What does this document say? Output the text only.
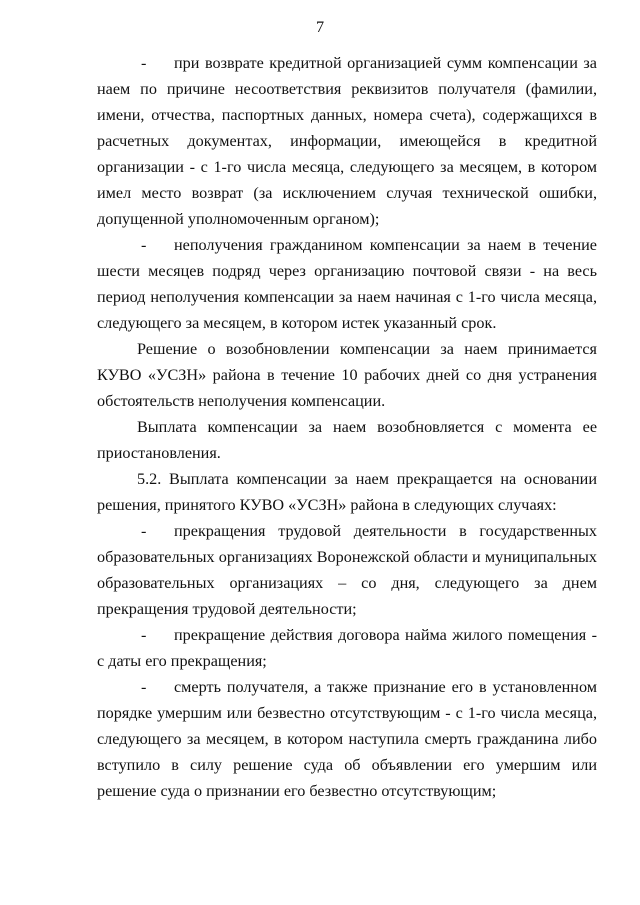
7

- при возврате кредитной организацией сумм компенсации за наем по причине несоответствия реквизитов получателя (фамилии, имени, отчества, паспортных данных, номера счета), содержащихся в расчетных документах, информации, имеющейся в кредитной организации - с 1-го числа месяца, следующего за месяцем, в котором имел место возврат (за исключением случая технической ошибки, допущенной уполномоченным органом);

- неполучения гражданином компенсации за наем в течение шести месяцев подряд через организацию почтовой связи - на весь период неполучения компенсации за наем начиная с 1-го числа месяца, следующего за месяцем, в котором истек указанный срок.

Решение о возобновлении компенсации за наем принимается КУВО «УСЗН» района в течение 10 рабочих дней со дня устранения обстоятельств неполучения компенсации.

Выплата компенсации за наем возобновляется с момента ее приостановления.

5.2. Выплата компенсации за наем прекращается на основании решения, принятого КУВО «УСЗН» района в следующих случаях:

- прекращения трудовой деятельности в государственных образовательных организациях Воронежской области и муниципальных образовательных организациях – со дня, следующего за днем прекращения трудовой деятельности;

- прекращение действия договора найма жилого помещения - с даты его прекращения;

- смерть получателя, а также признание его в установленном порядке умершим или безвестно отсутствующим - с 1-го числа месяца, следующего за месяцем, в котором наступила смерть гражданина либо вступило в силу решение суда об объявлении его умершим или решение суда о признании его безвестно отсутствующим;
